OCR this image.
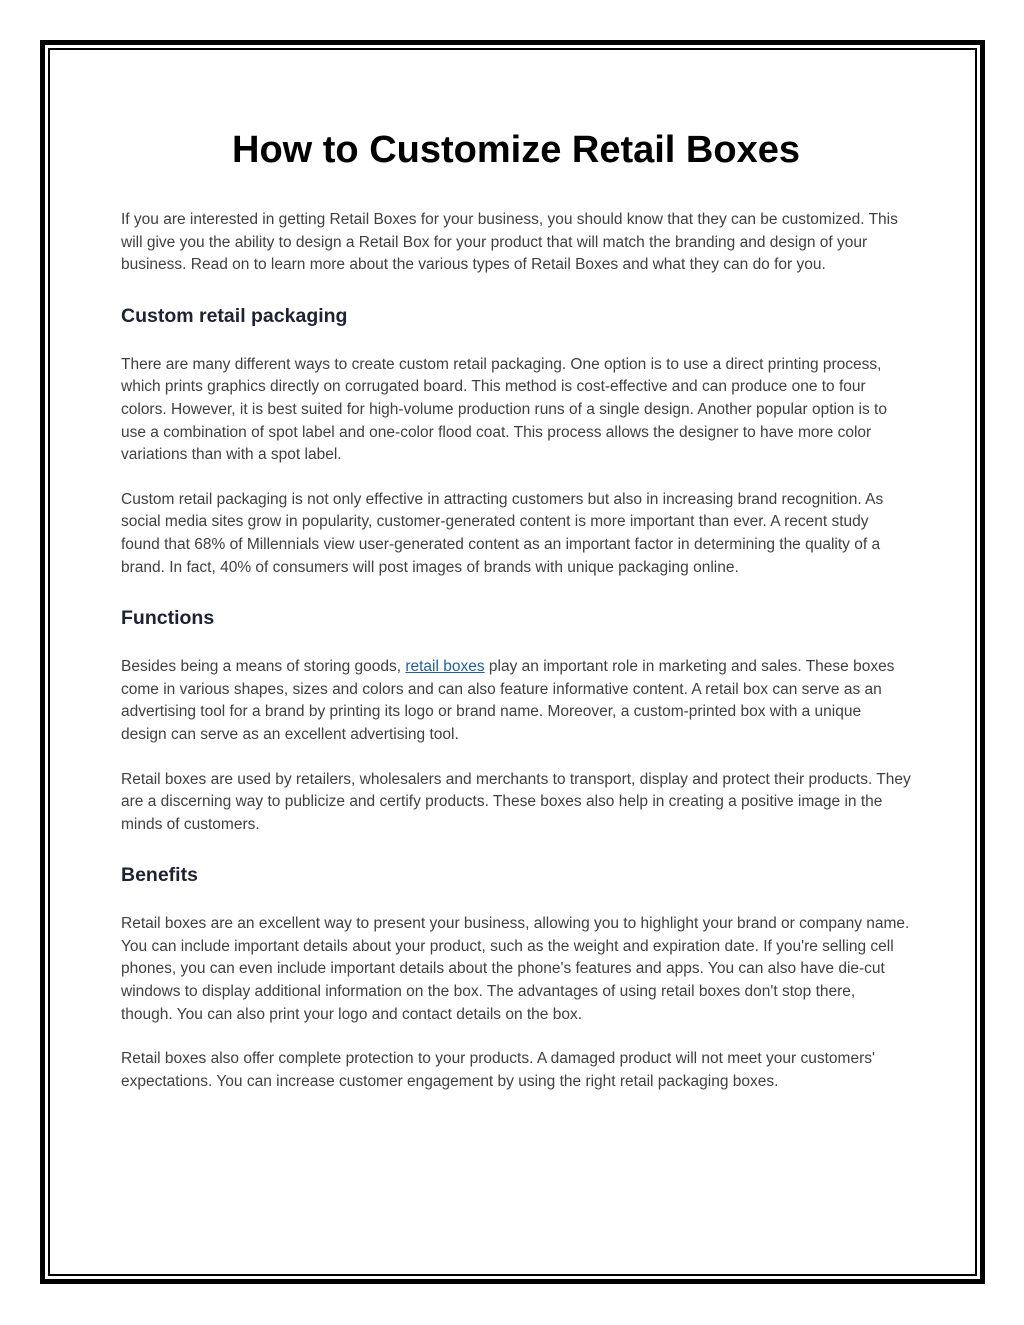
How to Customize Retail Boxes

If you are interested in getting Retail Boxes for your business, you should know that they can be customized. This will give you the ability to design a Retail Box for your product that will match the branding and design of your business. Read on to learn more about the various types of Retail Boxes and what they can do for you.

Custom retail packaging

There are many different ways to create custom retail packaging. One option is to use a direct printing process, which prints graphics directly on corrugated board. This method is cost-effective and can produce one to four colors. However, it is best suited for high-volume production runs of a single design. Another popular option is to use a combination of spot label and one-color flood coat. This process allows the designer to have more color variations than with a spot label.

Custom retail packaging is not only effective in attracting customers but also in increasing brand recognition. As social media sites grow in popularity, customer-generated content is more important than ever. A recent study found that 68% of Millennials view user-generated content as an important factor in determining the quality of a brand. In fact, 40% of consumers will post images of brands with unique packaging online.

Functions

Besides being a means of storing goods, retail boxes play an important role in marketing and sales. These boxes come in various shapes, sizes and colors and can also feature informative content. A retail box can serve as an advertising tool for a brand by printing its logo or brand name. Moreover, a custom-printed box with a unique design can serve as an excellent advertising tool.

Retail boxes are used by retailers, wholesalers and merchants to transport, display and protect their products. They are a discerning way to publicize and certify products. These boxes also help in creating a positive image in the minds of customers.

Benefits

Retail boxes are an excellent way to present your business, allowing you to highlight your brand or company name. You can include important details about your product, such as the weight and expiration date. If you're selling cell phones, you can even include important details about the phone's features and apps. You can also have die-cut windows to display additional information on the box. The advantages of using retail boxes don't stop there, though. You can also print your logo and contact details on the box.

Retail boxes also offer complete protection to your products. A damaged product will not meet your customers' expectations. You can increase customer engagement by using the right retail packaging boxes.
